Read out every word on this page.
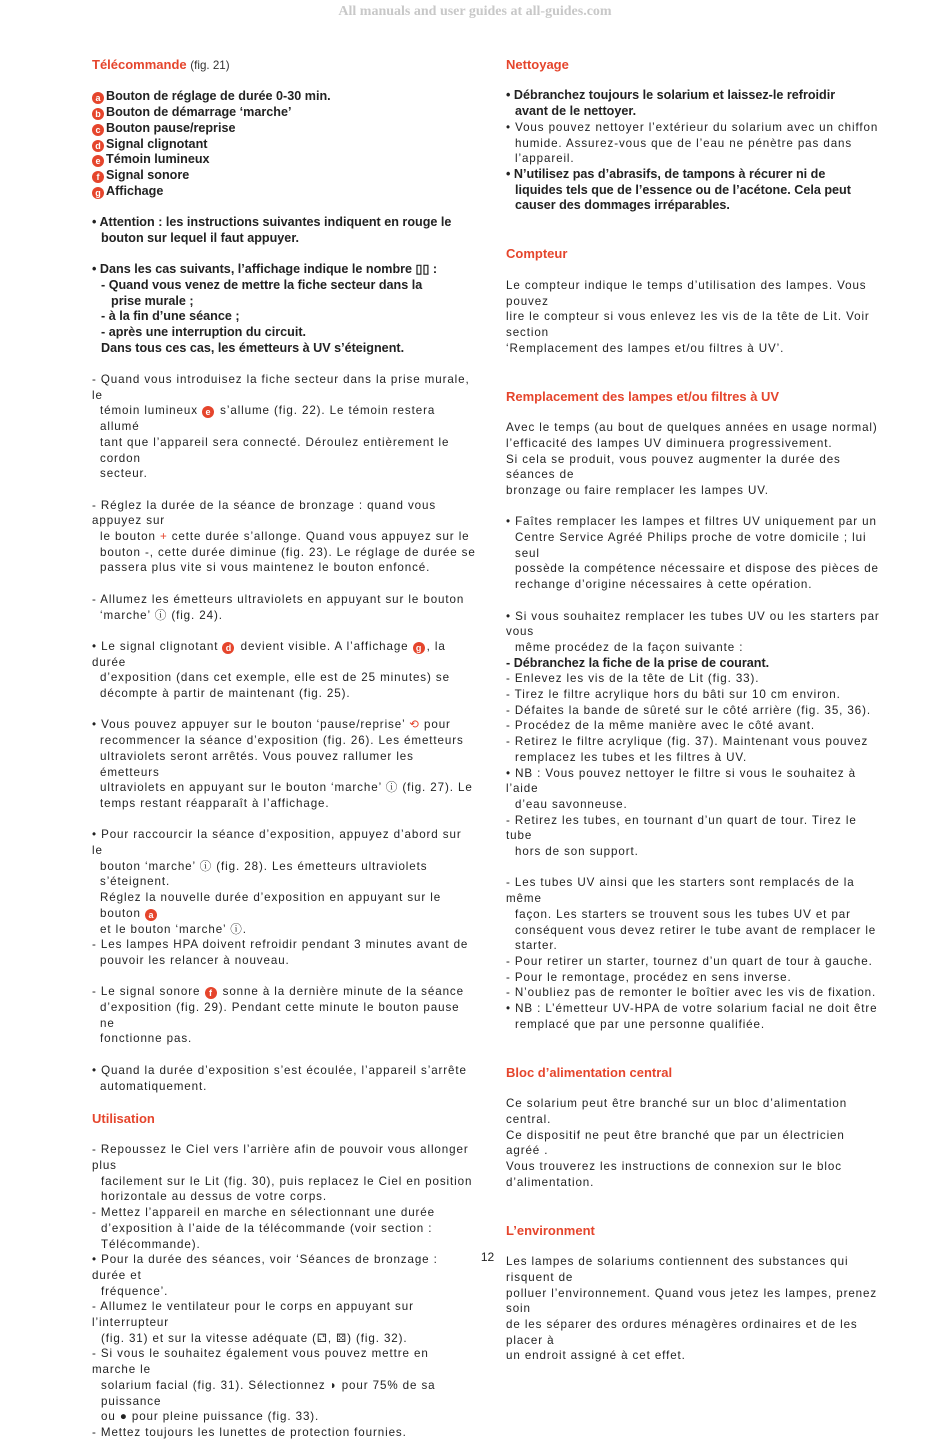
All manuals and user guides at all-guides.com

Télécommande (fig. 21)

a Bouton de réglage de durée 0-30 min.

b Bouton de démarrage ‘marche’

c Bouton pause/reprise

d Signal clignotant

e Témoin lumineux

f Signal sonore

g Affichage

• Attention : les instructions suivantes indiquent en rouge le

bouton sur lequel il faut appuyer.

• Dans les cas suivants, l’affichage indique le nombre ▯▯ :

- Quand vous venez de mettre la fiche secteur dans la

prise murale ;

- à la fin d’une séance ;

- après une interruption du circuit.

Dans tous ces cas, les émetteurs à UV s’éteignent.

- Quand vous introduisez la fiche secteur dans la prise murale, le

témoin lumineux e s’allume (fig. 22). Le témoin restera allumé

tant que l’appareil sera connecté. Déroulez entièrement le cordon

secteur.

- Réglez la durée de la séance de bronzage : quand vous appuyez sur

le bouton + cette durée s’allonge. Quand vous appuyez sur le

bouton -, cette durée diminue (fig. 23). Le réglage de durée se

passera plus vite si vous maintenez le bouton enfoncé.

- Allumez les émetteurs ultraviolets en appuyant sur le bouton

‘marche’ ⓘ (fig. 24).

• Le signal clignotant d devient visible. A l’affichage g , la durée

d’exposition (dans cet exemple, elle est de 25 minutes) se

décompte à partir de maintenant (fig. 25).

• Vous pouvez appuyer sur le bouton ‘pause/reprise’ ⟲ pour

recommencer la séance d’exposition (fig. 26). Les émetteurs

ultraviolets seront arrêtés. Vous pouvez rallumer les émetteurs

ultraviolets en appuyant sur le bouton ‘marche’ ⓘ (fig. 27). Le

temps restant réapparaît à l’affichage.

• Pour raccourcir la séance d’exposition, appuyez d’abord sur le

bouton ‘marche’ ⓘ (fig. 28). Les émetteurs ultraviolets s’éteignent.

Réglez la nouvelle durée d’exposition en appuyant sur le bouton a

et le bouton ‘marche’ ⓘ.

- Les lampes HPA doivent refroidir pendant 3 minutes avant de

pouvoir les relancer à nouveau.

- Le signal sonore f sonne à la dernière minute de la séance

d’exposition (fig. 29). Pendant cette minute le bouton pause ne

fonctionne pas.

• Quand la durée d’exposition s’est écoulée, l’appareil s’arrête

automatiquement.

Utilisation

- Repoussez le Ciel vers l’arrière afin de pouvoir vous allonger plus

facilement sur le Lit (fig. 30), puis replacez le Ciel en position

horizontale au dessus de votre corps.

- Mettez l’appareil en marche en sélectionnant une durée

d’exposition à l’aide de la télécommande (voir section :

Télécommande).

• Pour la durée des séances, voir ‘Séances de bronzage : durée et

fréquence’.

- Allumez le ventilateur pour le corps en appuyant sur l’interrupteur

(fig. 31) et sur la vitesse adéquate (⚁, ⚄) (fig. 32).

- Si vous le souhaitez également vous pouvez mettre en marche le

solarium facial (fig. 31). Sélectionnez ◗ pour 75% de sa puissance

ou ● pour pleine puissance (fig. 33).

- Mettez toujours les lunettes de protection fournies.

Nettoyage

• Débranchez toujours le solarium et laissez-le refroidir

avant de le nettoyer.

• Vous pouvez nettoyer l’extérieur du solarium avec un chiffon

humide. Assurez-vous que de l’eau ne pénètre pas dans l’appareil.

• N’utilisez pas d’abrasifs, de tampons à récurer ni de

liquides tels que de l’essence ou de l’acétone. Cela peut

causer des dommages irréparables.

Compteur

Le compteur indique le temps d’utilisation des lampes. Vous pouvez

lire le compteur si vous enlevez les vis de la tête de Lit. Voir section

‘Remplacement des lampes et/ou filtres à UV’.

Remplacement des lampes et/ou filtres à UV

Avec le temps (au bout de quelques années en usage normal)

l’efficacité des lampes UV diminuera progressivement.

Si cela se produit, vous pouvez augmenter la durée des séances de

bronzage ou faire remplacer les lampes UV.

• Faîtes remplacer les lampes et filtres UV uniquement par un

Centre Service Agréé Philips proche de votre domicile ; lui seul

possède la compétence nécessaire et dispose des pièces de

rechange d’origine nécessaires à cette opération.

• Si vous souhaitez remplacer les tubes UV ou les starters par vous

même procédez de la façon suivante :

- Débranchez la fiche de la prise de courant.

- Enlevez les vis de la tête de Lit (fig. 33).

- Tirez le filtre acrylique hors du bâti sur 10 cm environ.

- Défaites la bande de sûreté sur le côté arrière (fig. 35, 36).

- Procédez de la même manière avec le côté avant.

- Retirez le filtre acrylique (fig. 37). Maintenant vous pouvez

remplacez les tubes et les filtres à UV.

• NB : Vous pouvez nettoyer le filtre si vous le souhaitez à l’aide

d’eau savonneuse.

- Retirez les tubes, en tournant d’un quart de tour. Tirez le tube

hors de son support.

- Les tubes UV ainsi que les starters sont remplacés de la même

façon. Les starters se trouvent sous les tubes UV et par

conséquent vous devez retirer le tube avant de remplacer le

starter.

- Pour retirer un starter, tournez d’un quart de tour à gauche.

- Pour le remontage, procédez en sens inverse.

- N’oubliez pas de remonter le boîtier avec les vis de fixation.

• NB : L’émetteur UV-HPA de votre solarium facial ne doit être

remplacé que par une personne qualifiée.

Bloc d’alimentation central

Ce solarium peut être branché sur un bloc d’alimentation central.

Ce dispositif ne peut être branché que par un électricien agréé .

Vous trouverez les instructions de connexion sur le bloc

d’alimentation.

L’environment

Les lampes de solariums contiennent des substances qui risquent de

polluer l’environnement. Quand vous jetez les lampes, prenez soin

de les séparer des ordures ménagères ordinaires et de les placer à

un endroit assigné à cet effet.

12
